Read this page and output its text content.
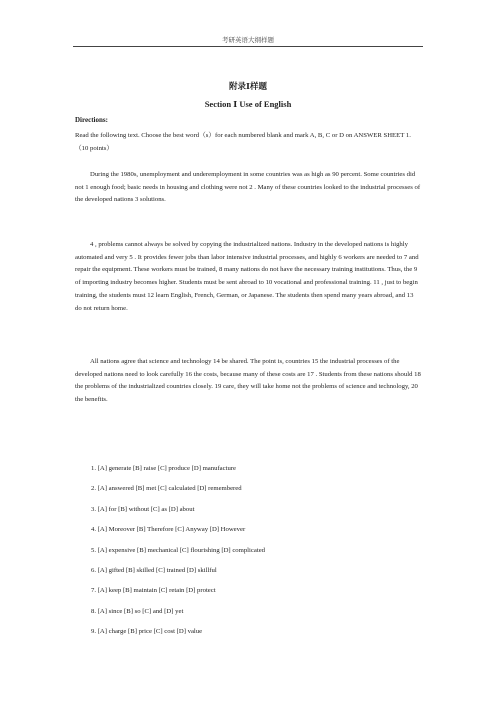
考研英语大纲样题
附录Ⅰ样题
Section Ⅰ Use of English
Directions:
Read the following text. Choose the best word（s）for each numbered blank and mark A, B, C or D on ANSWER SHEET 1. （10 points）
During the 1980s, unemployment and underemployment in some countries was as high as 90 percent. Some countries did not 1 enough food; basic needs in housing and clothing were not 2 . Many of these countries looked to the industrial processes of the developed nations 3 solutions.
4 , problems cannot always be solved by copying the industrialized nations. Industry in the developed nations is highly automated and very 5 . It provides fewer jobs than labor intensive industrial processes, and highly 6 workers are needed to 7 and repair the equipment. These workers must be trained, 8 many nations do not have the necessary training institutions. Thus, the 9 of importing industry becomes higher. Students must be sent abroad to 10 vocational and professional training. 11 , just to begin training, the students must 12 learn English, French, German, or Japanese. The students then spend many years abroad, and 13 do not return home.
All nations agree that science and technology 14 be shared. The point is, countries 15 the industrial processes of the developed nations need to look carefully 16 the costs, because many of these costs are 17 . Students from these nations should 18 the problems of the industrialized countries closely. 19 care, they will take home not the problems of science and technology, 20 the benefits.
1. [A] generate [B] raise [C] produce [D] manufacture
2. [A] answered [B] met [C] calculated [D] remembered
3. [A] for [B] without [C] as [D] about
4. [A] Moreover [B] Therefore [C] Anyway [D] However
5. [A] expensive [B] mechanical [C] flourishing [D] complicated
6. [A] gifted [B] skilled [C] trained [D] skillful
7. [A] keep [B] maintain [C] retain [D] protect
8. [A] since [B] so [C] and [D] yet
9. [A] charge [B] price [C] cost [D] value
